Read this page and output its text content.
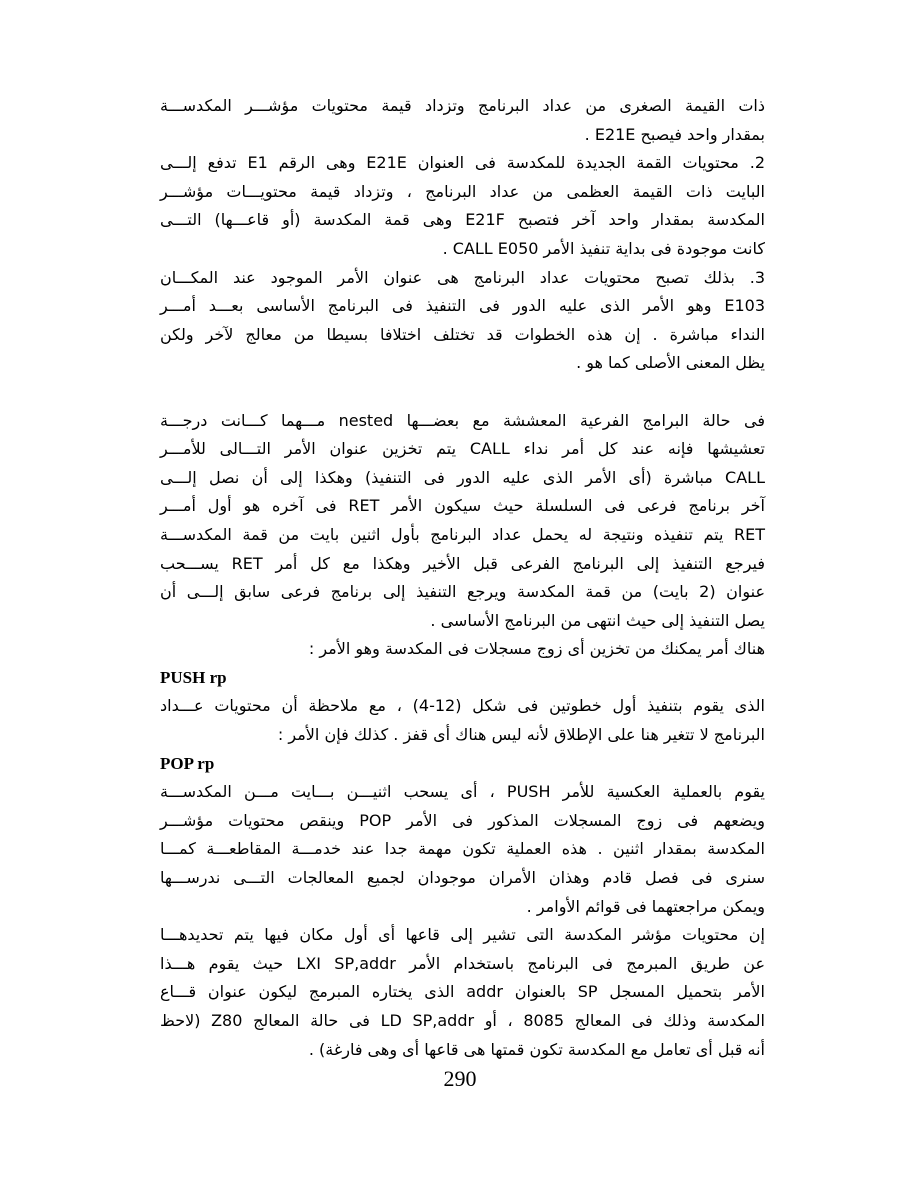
ذات القيمة الصغرى من عداد البرنامج وتزداد قيمة محتويات مؤشـــر المكدســـة
بمقدار واحد فيصبح E21E .
2. محتويات القمة الجديدة للمكدسة فى العنوان E21E وهى الرقم E1 تدفع إلـــى
البايت ذات القيمة العظمى من عداد البرنامج ، وتزداد قيمة محتويـــات مؤشـــر
المكدسة بمقدار واحد آخر فتصبح E21F وهى قمة المكدسة (أو قاعـــها) التـــى
كانت موجودة فى بداية تنفيذ الأمر CALL E050 .
3. بذلك تصبح محتويات عداد البرنامج هى عنوان الأمر الموجود عند المكـــان
E103 وهو الأمر الذى عليه الدور فى التنفيذ فى البرنامج الأساسى بعـــد أمـــر
النداء مباشرة . إن هذه الخطوات قد تختلف اختلافا بسيطا من معالج لآخر ولكن
يظل المعنى الأصلى كما هو .
فى حالة البرامج الفرعية المعششة مع بعضـــها nested مـــهما كـــانت درجـــة
تعشيشها فإنه عند كل أمر نداء CALL يتم تخزين عنوان الأمر التـــالى للأمـــر
CALL مباشرة (أى الأمر الذى عليه الدور فى التنفيذ) وهكذا إلى أن نصل إلـــى
آخر برنامج فرعى فى السلسلة حيث سيكون الأمر RET فى آخره هو أول أمـــر
RET يتم تنفيذه ونتيجة له يحمل عداد البرنامج بأول اثنين بايت من قمة المكدســـة
فيرجع التنفيذ إلى البرنامج الفرعى قبل الأخير وهكذا مع كل أمر RET يســـحب
عنوان (2 بايت) من قمة المكدسة ويرجع التنفيذ إلى برنامج فرعى سابق إلـــى أن
يصل التنفيذ إلى حيث انتهى من البرنامج الأساسى .
هناك أمر يمكنك من تخزين أى زوج مسجلات فى المكدسة وهو الأمر :
PUSH rp
الذى يقوم بتنفيذ أول خطوتين فى شكل (12-4) ، مع ملاحظة أن محتويات عـــداد
البرنامج لا تتغير هنا على الإطلاق لأنه ليس هناك أى قفز . كذلك فإن الأمر :
POP rp
يقوم بالعملية العكسية للأمر PUSH ، أى يسحب اثنيـــن بـــايت مـــن المكدســـة
ويضعهم فى زوج المسجلات المذكور فى الأمر POP وينقص محتويات مؤشـــر
المكدسة بمقدار اثنين . هذه العملية تكون مهمة جدا عند خدمـــة المقاطعـــة كمـــا
سنرى فى فصل قادم وهذان الأمران موجودان لجميع المعالجات التـــى ندرســـها
ويمكن مراجعتهما فى قوائم الأوامر .
إن محتويات مؤشر المكدسة التى تشير إلى قاعها أى أول مكان فيها يتم تحديدهـــا
عن طريق المبرمج فى البرنامج باستخدام الأمر LXI SP,addr حيث يقوم هـــذا
الأمر بتحميل المسجل SP بالعنوان addr الذى يختاره المبرمج ليكون عنوان قـــاع
المكدسة وذلك فى المعالج 8085 ، أو LD SP,addr فى حالة المعالج Z80 (لاحظ
أنه قبل أى تعامل مع المكدسة تكون قمتها هى قاعها أى وهى فارغة) .
290
